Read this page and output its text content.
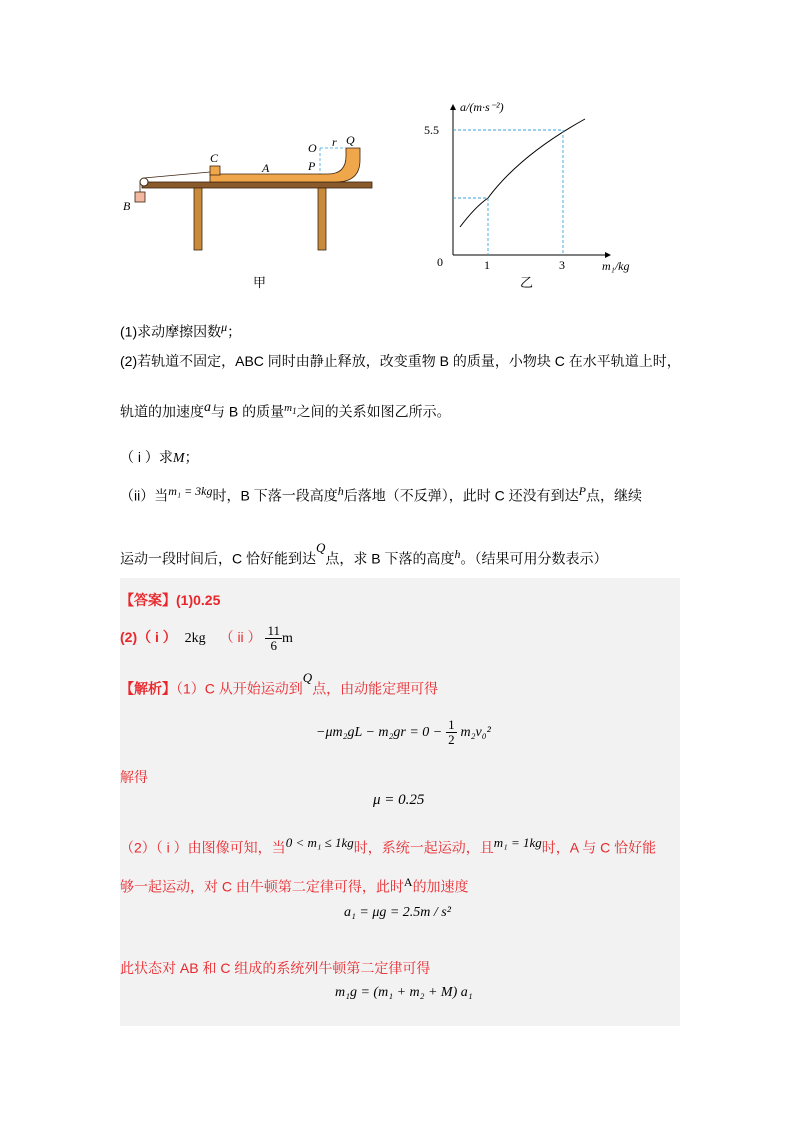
C
A
B
O
P
r Q
甲
a/(m·s⁻²)
5.5
0	1	3	m₁/kg
乙
(1)求动摩擦因数$^\mu$；
(2)若轨道不固定，ABC 同时由静止释放，改变重物 B 的质量，小物块 C 在水平轨道上时，
轨道的加速度$^a$与 B 的质量$^{m_1}$之间的关系如图乙所示。
（ i ）求M；
（ii）当$^{m_1 = 3kg}$时，B 下落一段高度$^h$后落地（不反弹），此时 C 还没有到达$^P$点，继续
运动一段时间后，C 恰好能到达$^Q$点，求 B 下落的高度$^h$。（结果可用分数表示）
【答案】(1)0.25
(2)（ i ） 2kg （ ii ） $\frac{11}{6}$ m
【解析】（1）C 从开始运动到$^Q$点，由动能定理可得
$-\mu m_2gL - m_2gr = 0 - \frac{1}{2} m_2v_0^2$
解得
μ = 0.25
（2）（ i ）由图像可知，当$^{0 < m_1 \le 1kg}$时，系统一起运动，且$^{m_1 = 1kg}$时，A 与 C 恰好能
够一起运动，对 C 由牛顿第二定律可得，此时$^A$的加速度
a₁ = μg = 2.5m / s²
此状态对 AB 和 C 组成的系统列牛顿第二定律可得
m₁g = (m₁ + m₂ + M) a₁
